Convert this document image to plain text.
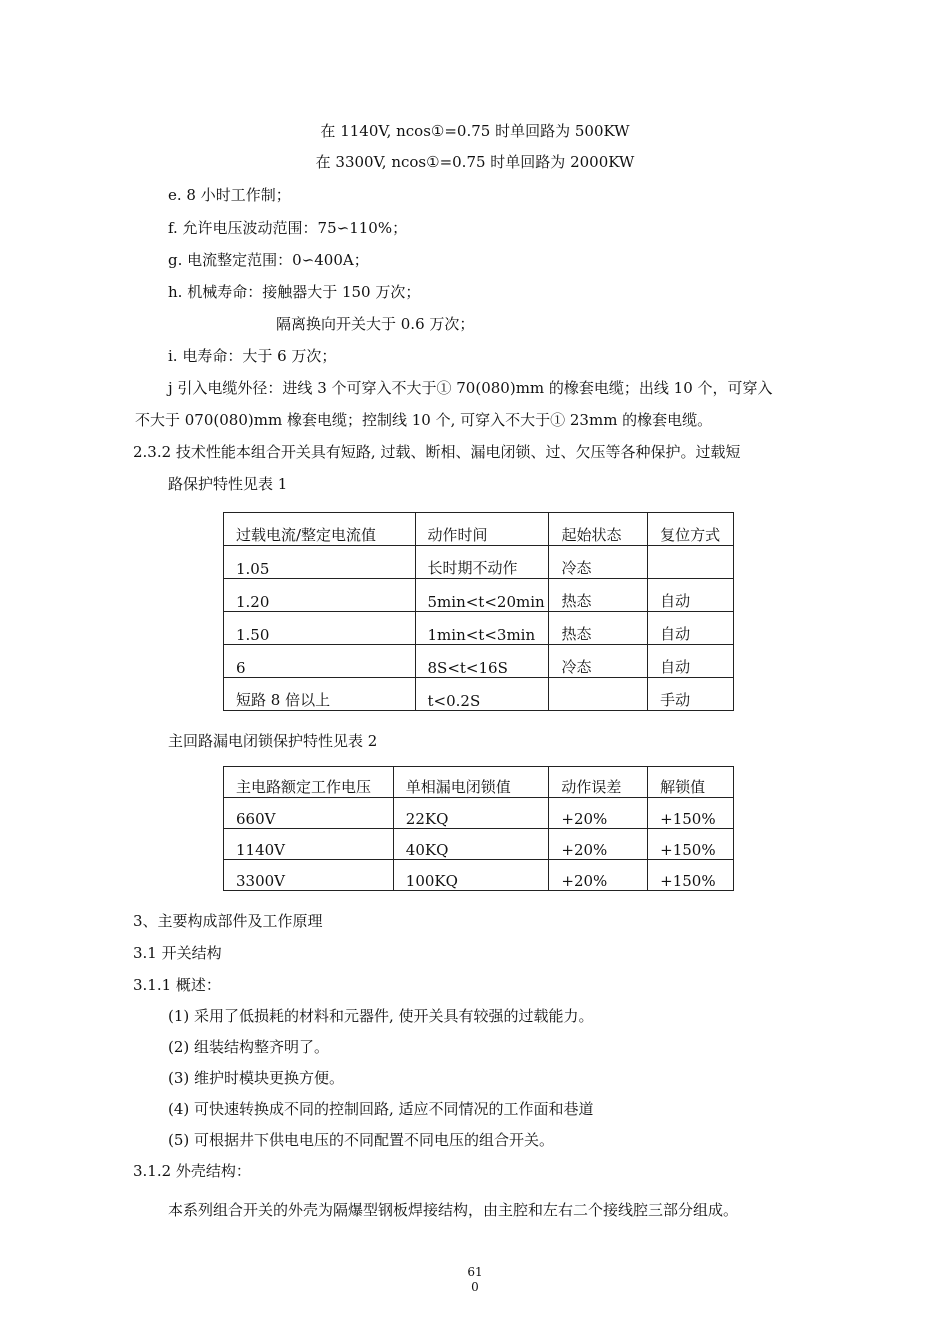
在 1140V, ncos①=0.75 时单回路为 500KW
在 3300V, ncos①=0.75 时单回路为 2000KW
e. 8 小时工作制；
f. 允许电压波动范围：75∽110%；
g. 电流整定范围：0∽400A；
h. 机械寿命：接触器大于 150 万次；
隔离换向开关大于 0.6 万次；
i. 电寿命：大于 6 万次；
j 引入电缆外径：进线 3 个可穿入不大于① 70(080)mm 的橡套电缆；出线 10 个，可穿入
不大于 070(080)mm 橡套电缆；控制线 10 个, 可穿入不大于① 23mm 的橡套电缆。
2.3.2 技术性能本组合开关具有短路, 过载、断相、漏电闭锁、过、欠压等各种保护。过载短
路保护特性见表 1
过载电流/整定电流值	动作时间	起始状态	复位方式
1.05	长时期不动作	冷态	
1.20	5min<t<20min	热态	自动
1.50	1min<t<3min	热态	自动
6	8S<t<16S	冷态	自动
短路 8 倍以上	t<0.2S		手动
主回路漏电闭锁保护特性见表 2
主电路额定工作电压	单相漏电闭锁值	动作误差	解锁值
660V	22KQ	+20%	+150%
1140V	40KQ	+20%	+150%
3300V	100KQ	+20%	+150%
3、主要构成部件及工作原理
3.1 开关结构
3.1.1 概述：
(1) 采用了低损耗的材料和元器件, 使开关具有较强的过载能力。
(2) 组装结构整齐明了。
(3) 维护时模块更换方便。
(4) 可快速转换成不同的控制回路, 适应不同情况的工作面和巷道
(5) 可根据井下供电电压的不同配置不同电压的组合开关。
3.1.2 外壳结构：
本系列组合开关的外壳为隔爆型钢板焊接结构，由主腔和左右二个接线腔三部分组成。
61
0
